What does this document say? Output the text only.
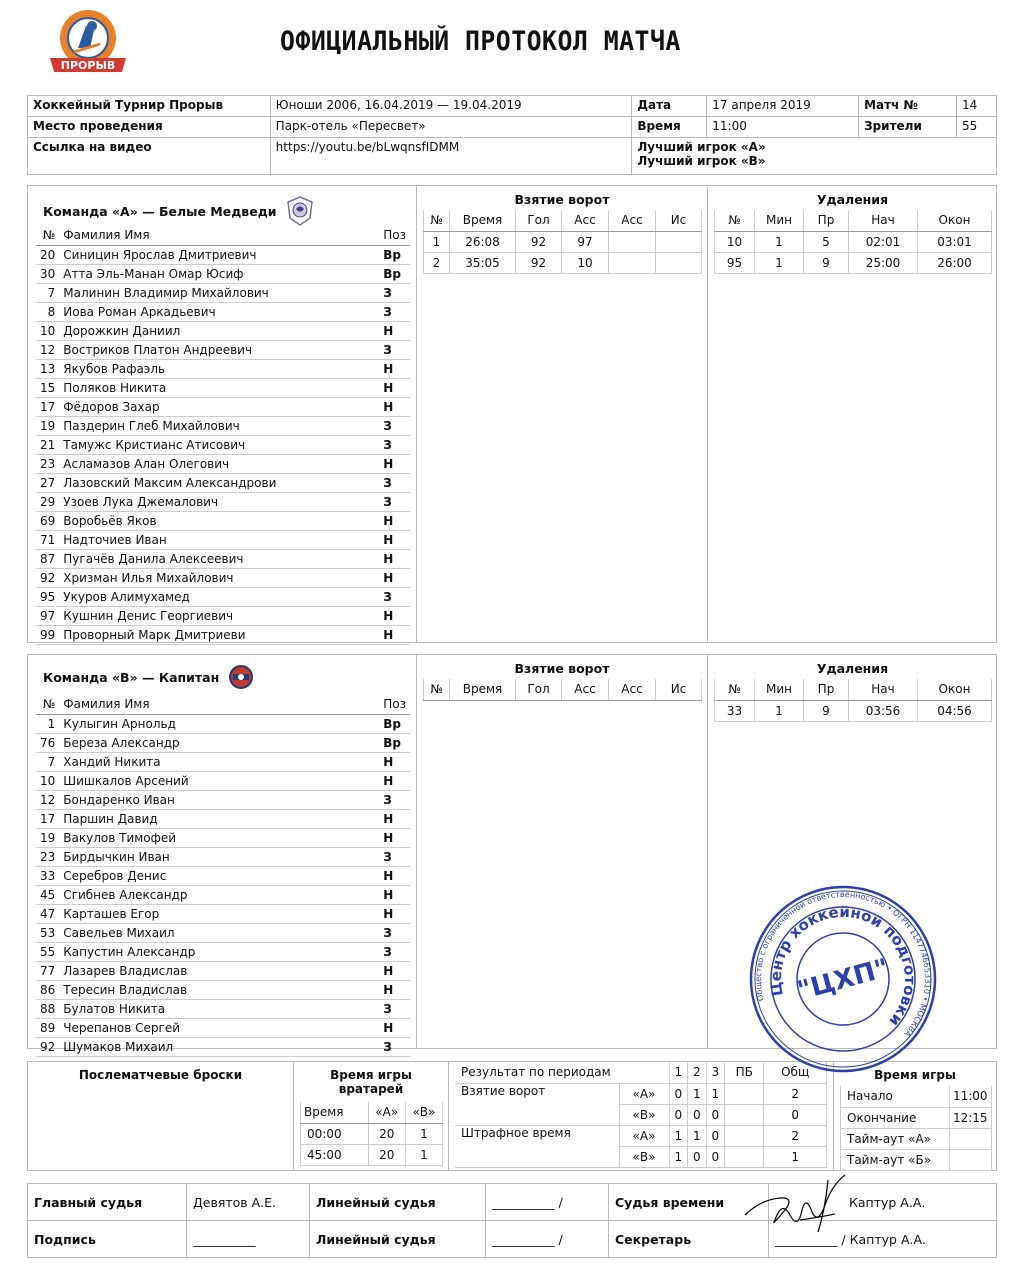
ПРОРЫВ
ОФИЦИАЛЬНЫЙ ПРОТОКОЛ МАТЧА
Хоккейный Турнир Прорыв	Юноши 2006, 16.04.2019 — 19.04.2019	Дата	17 апреля 2019	Матч №	14
Место проведения	Парк-отель «Пересвет»	Время	11:00	Зрители	55
Ссылка на видео	https://youtu.be/bLwqnsfIDMM	Лучший игрок «А»
Лучший игрок «В»			
Команда «А» — Белые Медведи
№	Фамилия Имя	Поз
20	Синицин Ярослав Дмитриевич	Вр
30	Атта Эль-Манан Омар Юсиф	Вр
7	Малинин Владимир Михайлович	З
8	Иова Роман Аркадьевич	З
10	Дорожкин Даниил	Н
12	Востриков Платон Андреевич	З
13	Якубов Рафаэль	Н
15	Поляков Никита	Н
17	Фёдоров Захар	Н
19	Паздерин Глеб Михайлович	З
21	Тамужс Кристианс Атисович	З
23	Асламазов Алан Олегович	Н
27	Лазовский Максим Александрови	З
29	Узоев Лука Джемалович	З
69	Воробьёв Яков	Н
71	Надточиев Иван	Н
87	Пугачёв Данила Алексеевич	Н
92	Хризман Илья Михайлович	Н
95	Укуров Алимухамед	З
97	Кушнин Денис Георгиевич	Н
99	Проворный Марк Дмитриеви	Н
Взятие ворот
№	Время	Гол	Асс	Асс	Ис
1	26:08	92	97		
2	35:05	92	10		
Удаления
№	Мин	Пр	Нач	Окон
10	1	5	02:01	03:01
95	1	9	25:00	26:00
Команда «В» — Капитан
№	Фамилия Имя	Поз
1	Кулыгин Арнольд	Вр
76	Береза Александр	Вр
7	Хандий Никита	Н
10	Шишкалов Арсений	Н
12	Бондаренко Иван	З
17	Паршин Давид	Н
19	Вакулов Тимофей	Н
23	Бирдычкин Иван	З
33	Серебров Денис	Н
45	Сгибнев Александр	Н
47	Карташев Егор	Н
53	Савельев Михаил	З
55	Капустин Александр	З
77	Лазарев Владислав	Н
86	Тересин Владислав	Н
88	Булатов Никита	З
89	Черепанов Сергей	Н
92	Шумаков Михаил	З
Взятие ворот
№	Время	Гол	Асс	Асс	Ис
Удаления
№	Мин	Пр	Нач	Окон
33	1	9	03:56	04:56
Послематчевые броски	Время игры вратарей
Время	«А»	«В»
00:00	20	1
45:00	20	1
Результат по периодам		1	2	3	ПБ	Общ
Взятие ворот	«А»	0	1	1		2
	«В»	0	0	0		0
Штрафное время	«А»	1	1	0		2
	«В»	1	0	0		1
Время игры
Начало	11:00
Окончание	12:15
Тайм-аут «А»	
Тайм-аут «Б»	
Общество с ограниченной ответственностью • ОГРН 1147746653310 • МОСКВА
Центр хоккейной подготовки
"ЦХП"
Главный судья	Девятов А.Е.	Линейный судья	__________ /	Судья времени	Каптур А.А.
Подпись	__________	Линейный судья	__________ /	Секретарь	__________ / Каптур А.А.
